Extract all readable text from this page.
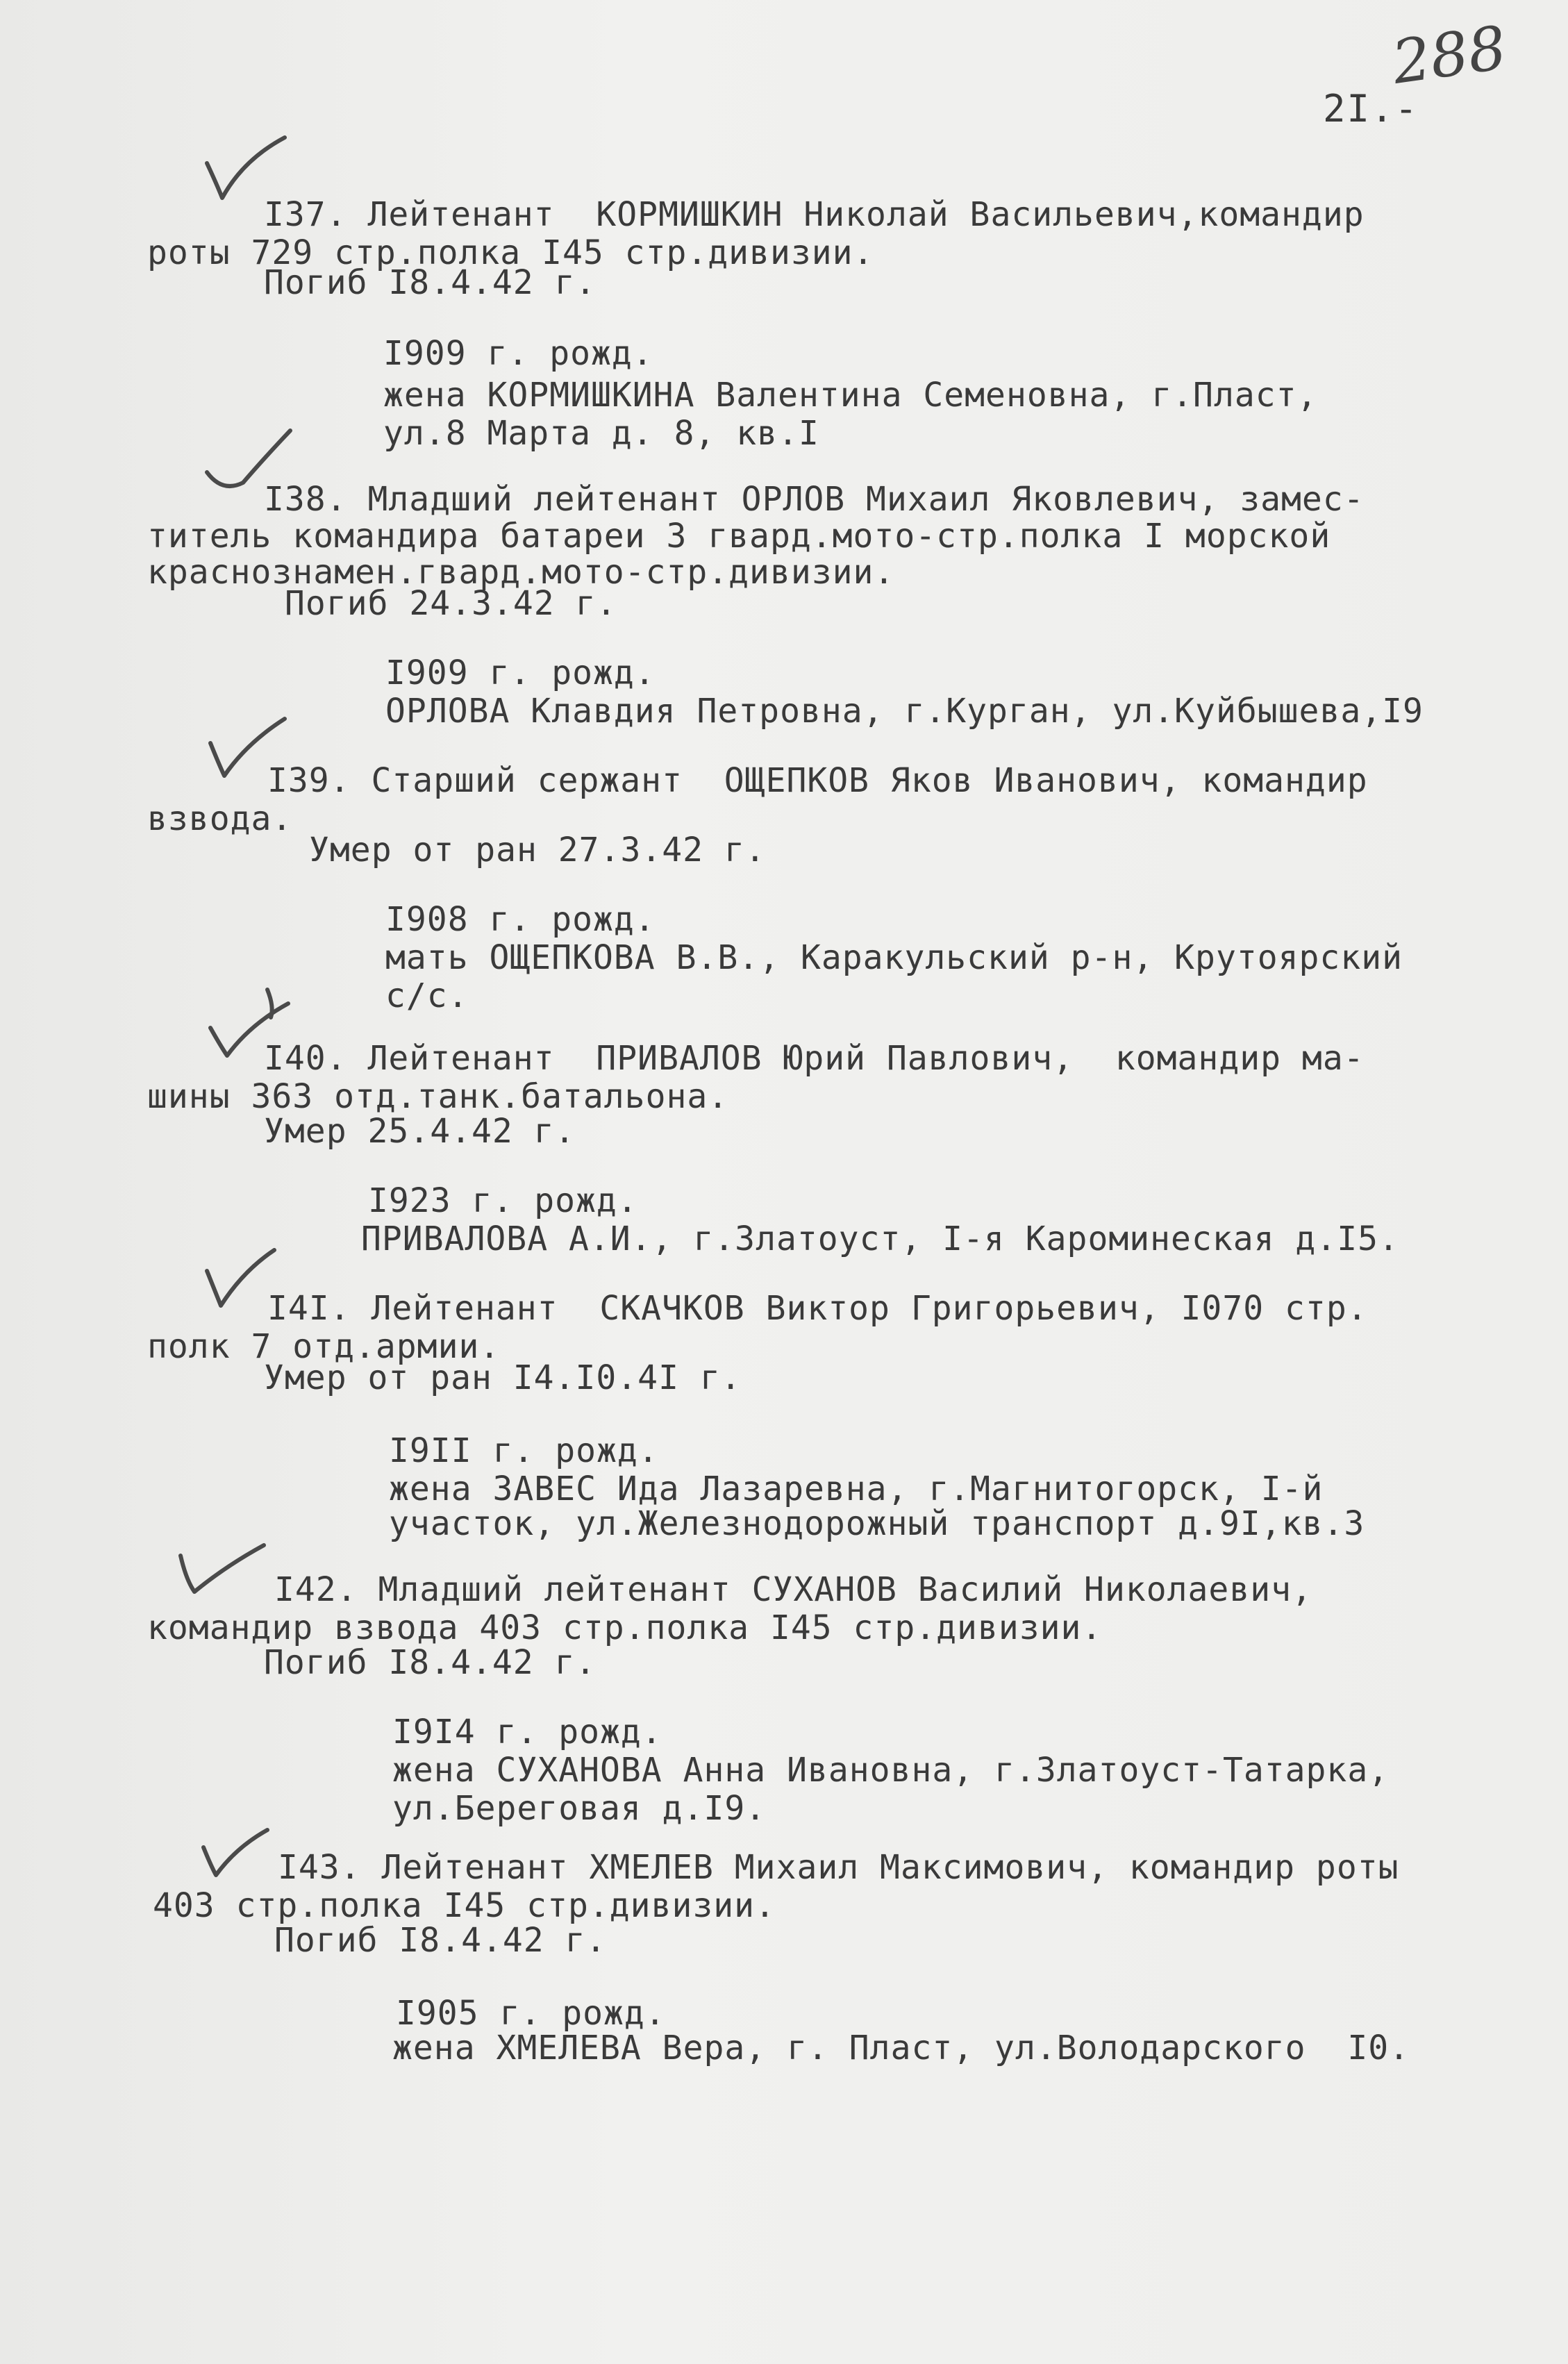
288
2I.-
I37. Лейтенант  КОРМИШКИН Николай Васильевич,командир
роты 729 стр.полка I45 стр.дивизии.
Погиб I8.4.42 г.
I909 г. рожд.
жена КОРМИШКИНА Валентина Семеновна, г.Пласт,
ул.8 Марта д. 8, кв.I
I38. Младший лейтенант ОРЛОВ Михаил Яковлевич, замес-
титель командира батареи 3 гвард.мото-стр.полка I морской
краснознамен.гвард.мото-стр.дивизии.
Погиб 24.3.42 г.
I909 г. рожд.
ОРЛОВА Клавдия Петровна, г.Курган, ул.Куйбышева,I9
I39. Старший сержант  ОЩЕПКОВ Яков Иванович, командир
взвода.
Умер от ран 27.3.42 г.
I908 г. рожд.
мать ОЩЕПКОВА В.В., Каракульский р-н, Крутоярский
с/с.
I40. Лейтенант  ПРИВАЛОВ Юрий Павлович,  командир ма-
шины 363 отд.танк.батальона.
Умер 25.4.42 г.
I923 г. рожд.
ПРИВАЛОВА А.И., г.Златоуст, I-я Кароминеская д.I5.
I4I. Лейтенант  СКАЧКОВ Виктор Григорьевич, I070 стр.
полк 7 отд.армии.
Умер от ран I4.I0.4I г.
I9II г. рожд.
жена ЗАВЕС Ида Лазаревна, г.Магнитогорск, I-й
участок, ул.Железнодорожный транспорт д.9I,кв.3
I42. Младший лейтенант СУХАНОВ Василий Николаевич,
командир взвода 403 стр.полка I45 стр.дивизии.
Погиб I8.4.42 г.
I9I4 г. рожд.
жена СУХАНОВА Анна Ивановна, г.Златоуст-Татарка,
ул.Береговая д.I9.
I43. Лейтенант ХМЕЛЕВ Михаил Максимович, командир роты
403 стр.полка I45 стр.дивизии.
Погиб I8.4.42 г.
I905 г. рожд.
жена ХМЕЛЕВА Вера, г. Пласт, ул.Володарского  I0.
